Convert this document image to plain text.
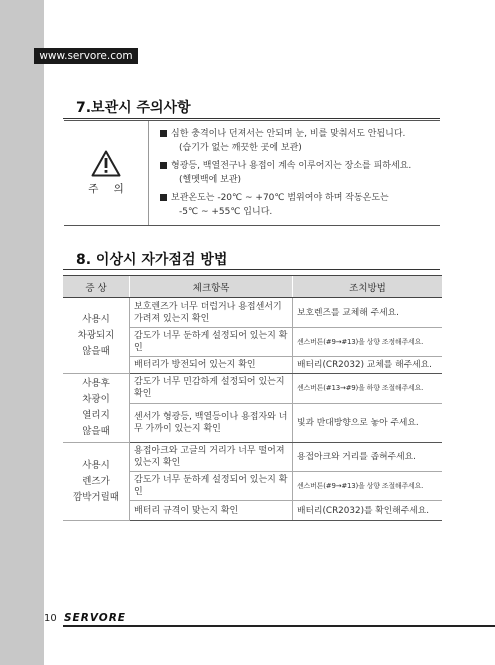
www.servore.com
7.보관시 주의사항
주 의
심한 충격이나 던져서는 안되며 눈, 비를 맞춰서도 안됩니다.
(습기가 없는 깨끗한 곳에 보관)
형광등, 백열전구나 용접이 계속 이루어지는 장소를 피하세요.
(헬멧백에 보관)
보관온도는 -20℃ ~ +70℃ 범위여야 하며 작동온도는
-5℃ ~ +55℃ 입니다.
8. 이상시 자가점검 방법
증 상	체크항목	조치방법

사용시
차광되지
않을때	보호렌즈가 너무 더럽거나 용접센서기 가려져 있는지 확인	보호렌즈를 교체해 주세요.
	감도가 너무 둔하게 설정되어 있는지 확인	센스버튼(#9→#13)을 상향 조정해주세요.
	배터리가 방전되어 있는지 확인	배터리(CR2032) 교체를 해주세요.

사용후
차광이
열리지
않을때	감도가 너무 민감하게 설정되어 있는지 확인	센스버튼(#13→#9)을 하향 조절해주세요.
	센서가 형광등, 백열등이나 용접자와 너무 가까이 있는지 확인	빛과 반대방향으로 놓아 주세요.

사용시
렌즈가
깜박거릴때	용접아크와 고글의 거리가 너무 떨어져 있는지 확인	용접아크와 거리를 좁혀주세요.
	감도가 너무 둔하게 설정되어 있는지 확인	센스버튼(#9→#13)을 상향 조절해주세요.
	배터리 규격이 맞는지 확인	배터리(CR2032)를 확인해주세요.
10 SERVORE
